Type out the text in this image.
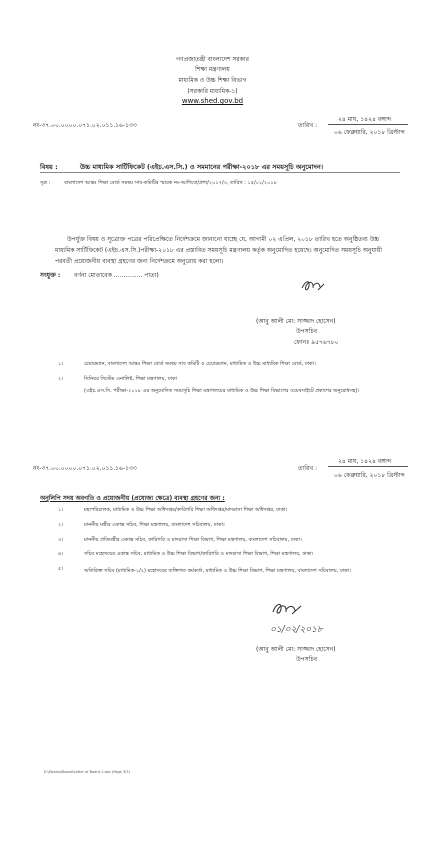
গণপ্রজাতন্ত্রী বাংলাদেশ সরকার
শিক্ষা মন্ত্রণালয়
মাধ্যমিক ও উচ্চ শিক্ষা বিভাগ
(সরকারি মাধ্যমিক-১)
www.shed.gov.bd
নং-৩৭.০০.০০০০.০৭১.০২.০১১.১৬-১৩৩	তারিখ :
২৪ মাঘ, ১৪২৪ বঙ্গাব্দ
০৬ ফেব্রুয়ারি, ২০১৮ খ্রিস্টাব্দ
বিষয় :	উচ্চ মাধ্যমিক সার্টিফিকেট (এইচ.এস.সি.) ও সমমানের পরীক্ষা-২০১৮ এর সময়সূচি অনুমোদন।
সূত্র :	বাংলাদেশ আন্তঃ শিক্ষা বোর্ড সমন্বয় সাব-কমিটির স্মারক নং-আশিবো/প্রশা/২০১৭/৩, তারিখ : ১৫/০১/২০১৮
উপর্যুক্ত বিষয় ও সূত্রোক্ত পত্রের পরিপ্রেক্ষিতে নির্দেশক্রমে জানানো যাচ্ছে যে, আগামী ০২ এপ্রিল, ২০১৮ তারিখ হতে অনুষ্ঠিতব্য উচ্চ মাধ্যমিক সার্টিফিকেট (এইচ.এস.সি.)পরীক্ষা-২০১৮ এর প্রস্তাবিত সময়সূচি মন্ত্রণালয় কর্তৃক অনুমোদিত হয়েছে। অনুমোদিত সময়সূচি অনুযায়ী পরবর্তী প্রয়োজনীয় ব্যবস্থা গ্রহণের জন্য নির্দেশক্রমে অনুরোধ করা হলো।
সংযুক্ত : বর্ণনা মোতাবেক ............... পাতা)
(আবু আলী মো: সাজ্জাদ হোসেন)
উপসচিব
ফোনঃ ৯৫৭৬৭৮০
১।	চেয়ারম্যান, বাংলাদেশ আন্তঃ শিক্ষা বোর্ড সমন্বয় সাব কমিটি ও চেয়ারম্যান, মাধ্যমিক ও উচ্চ মাধ্যমিক শিক্ষা বোর্ড, ঢাকা।
২।	সিনিয়র সিস্টেম এনালিষ্ট, শিক্ষা মন্ত্রণালয়, ঢাকা
(এইচ.এস.সি. পরীক্ষা-২০১৮ এর অনুমোদিত সময়সূচি শিক্ষা মন্ত্রণালয়ের মাধ্যমিক ও উচ্চ শিক্ষা বিভাগের ওয়েবসাইটে প্রকাশের অনুরোধসহ)।
নং-৩৭.০০.০০০০.০৭১.০২.০১১.১৬-১৩৩	তারিখ :
২৪ মাঘ, ১৪২৪ বঙ্গাব্দ
০৬ ফেব্রুয়ারি, ২০১৮ খ্রিস্টাব্দ
অনুলিপি সদয় অবগতি ও প্রয়োজনীয় (প্রযোজ্য ক্ষেত্রে) ব্যবস্থা গ্রহণের জন্য :
১।	মহাপরিচালক, মাধ্যমিক ও উচ্চ শিক্ষা অধিদপ্তর/কারিগরি শিক্ষা অধিদপ্তর/মাদরাসা শিক্ষা অধিদপ্তর, ঢাকা।
২।	মাননীয় মন্ত্রীর একান্ত সচিব, শিক্ষা মন্ত্রণালয়, বাংলাদেশ সচিবালয়, ঢাকা।
৩।	মাননীয় প্রতিমন্ত্রীর একান্ত সচিব, কারিগরি ও মাদরাসা শিক্ষা বিভাগ, শিক্ষা মন্ত্রণালয়, বাংলাদেশ সচিবালয়, ঢাকা।
৪।	সচিব মহোদয়ের একান্ত সচিব, মাধ্যমিক ও উচ্চ শিক্ষা বিভাগ/কারিগরি ও মাদরাসা শিক্ষা বিভাগ, শিক্ষা মন্ত্রণালয়, ঢাকা।
৫।	অতিরিক্ত সচিব (মাধ্যমিক-১/২) মহোদয়ের ব্যক্তিগত কর্মকর্তা, মাধ্যমিক ও উচ্চ শিক্ষা বিভাগ, শিক্ষা মন্ত্রণালয়, বাংলাদেশ সচিবালয়, ঢাকা।
০১/০২/২০১৮
(আবু আলী মো: সাজ্জাদ হোসেন)
উপসচিব
E:\Monish\Board\Letter of Board-1.doc (Page 3/3)
